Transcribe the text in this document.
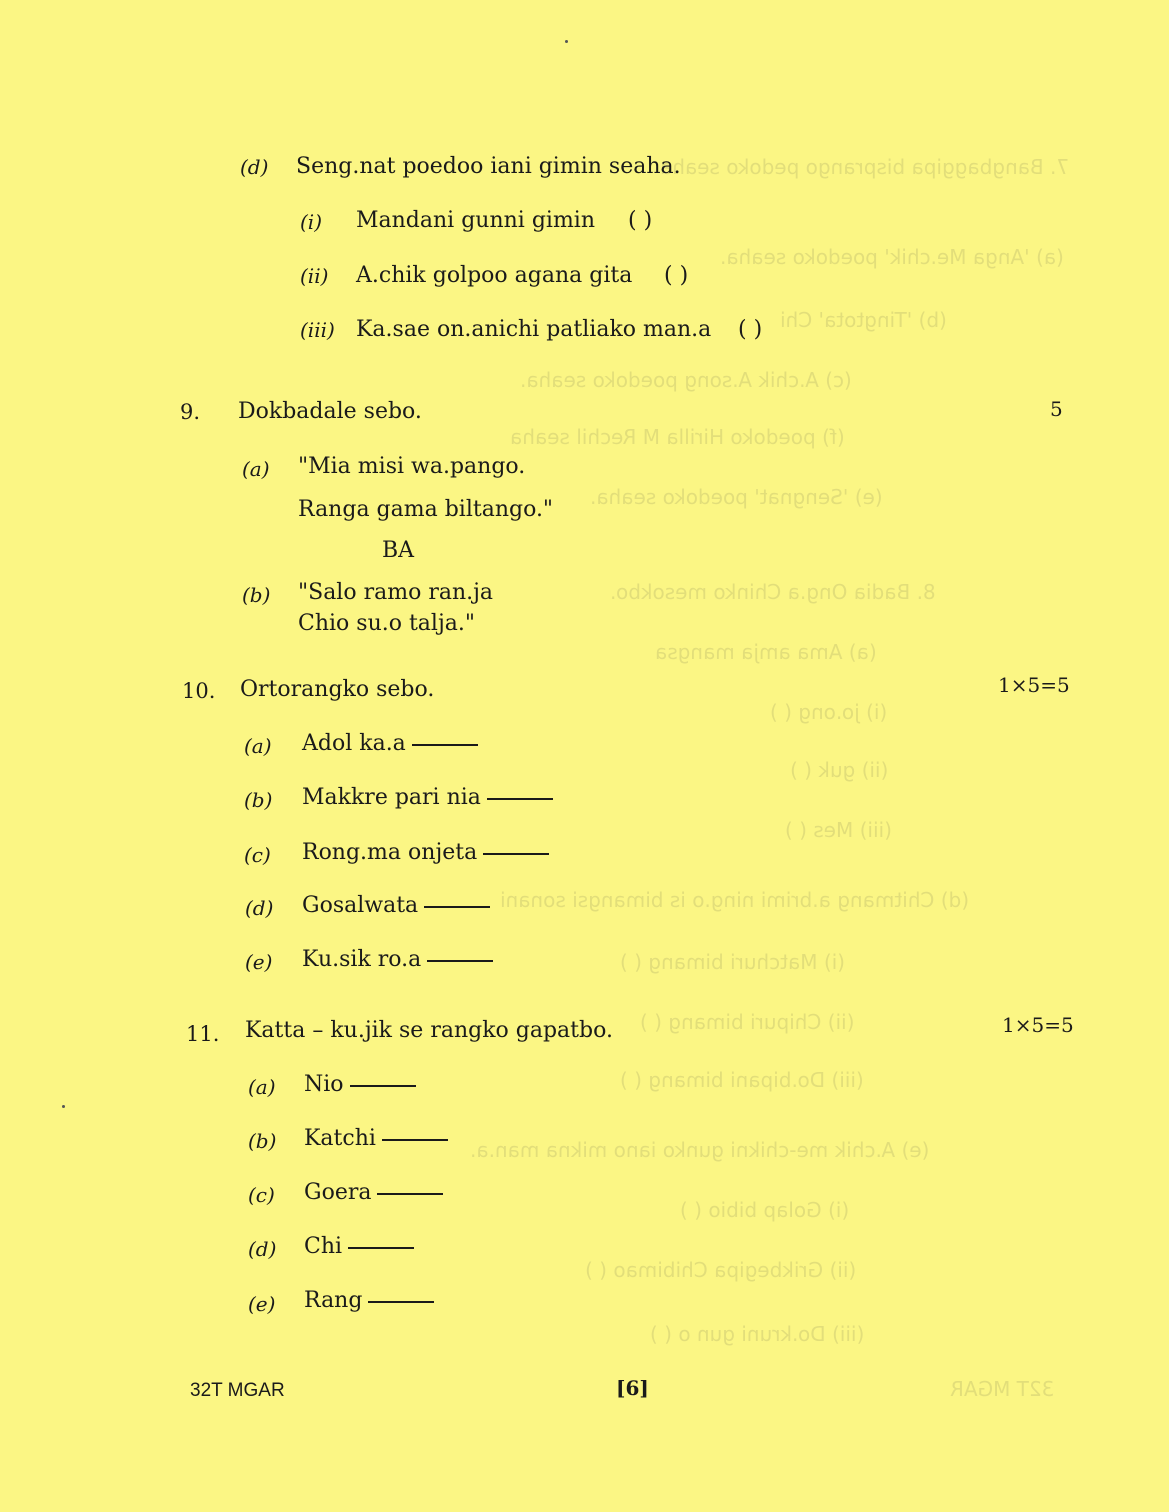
7. Bangbaggipa bisprango pedoko seaha
(a) 'Anga Me.chik' poedoko seaha.
(b) 'Tingtota' Chi
(c) A.chik A.song poedoko seaha.
(f) poedoko Hirilla M Rechil seaha
(e) 'Sengnat' poedoko seaha.
8. Badia Ong.a Chinko mesokbo.
(a) Ama amja mangsa
(i) jo.ong ( )
(ii) guk ( )
(iii) Mes ( )
(d) Chitmang a.brimi ning.o is bimangsi sonani
(i) Matchuri bimang ( )
(ii) Chipuri bimang ( )
(iii) Do.bipani bimang ( )
(e) A.chik me-chikni gunko iano mikna man.a.
(i) Golap bibio ( )
(ii) Grikbegipa Chibimao ( )
(iii) Do.kruni gun o ( )
32T MGAR
(d) Seng.nat poedoo iani gimin seaha.
(i) Mandani gunni gimin ( )
(ii) A.chik golpoo agana gita ( )
(iii) Ka.sae on.anichi patliako man.a ( )
9. Dokbadale sebo.	5
(a) "Mia misi wa.pango.
Ranga gama biltango."
BA
(b) "Salo ramo ran.ja
Chio su.o talja."
10. Ortorangko sebo.	1×5=5
(a) Adol ka.a
(b) Makkre pari nia
(c) Rong.ma onjeta
(d) Gosalwata
(e) Ku.sik ro.a
11. Katta – ku.jik se rangko gapatbo.	1×5=5
(a) Nio
(b) Katchi
(c) Goera
(d) Chi
(e) Rang
32T MGAR	[6]
